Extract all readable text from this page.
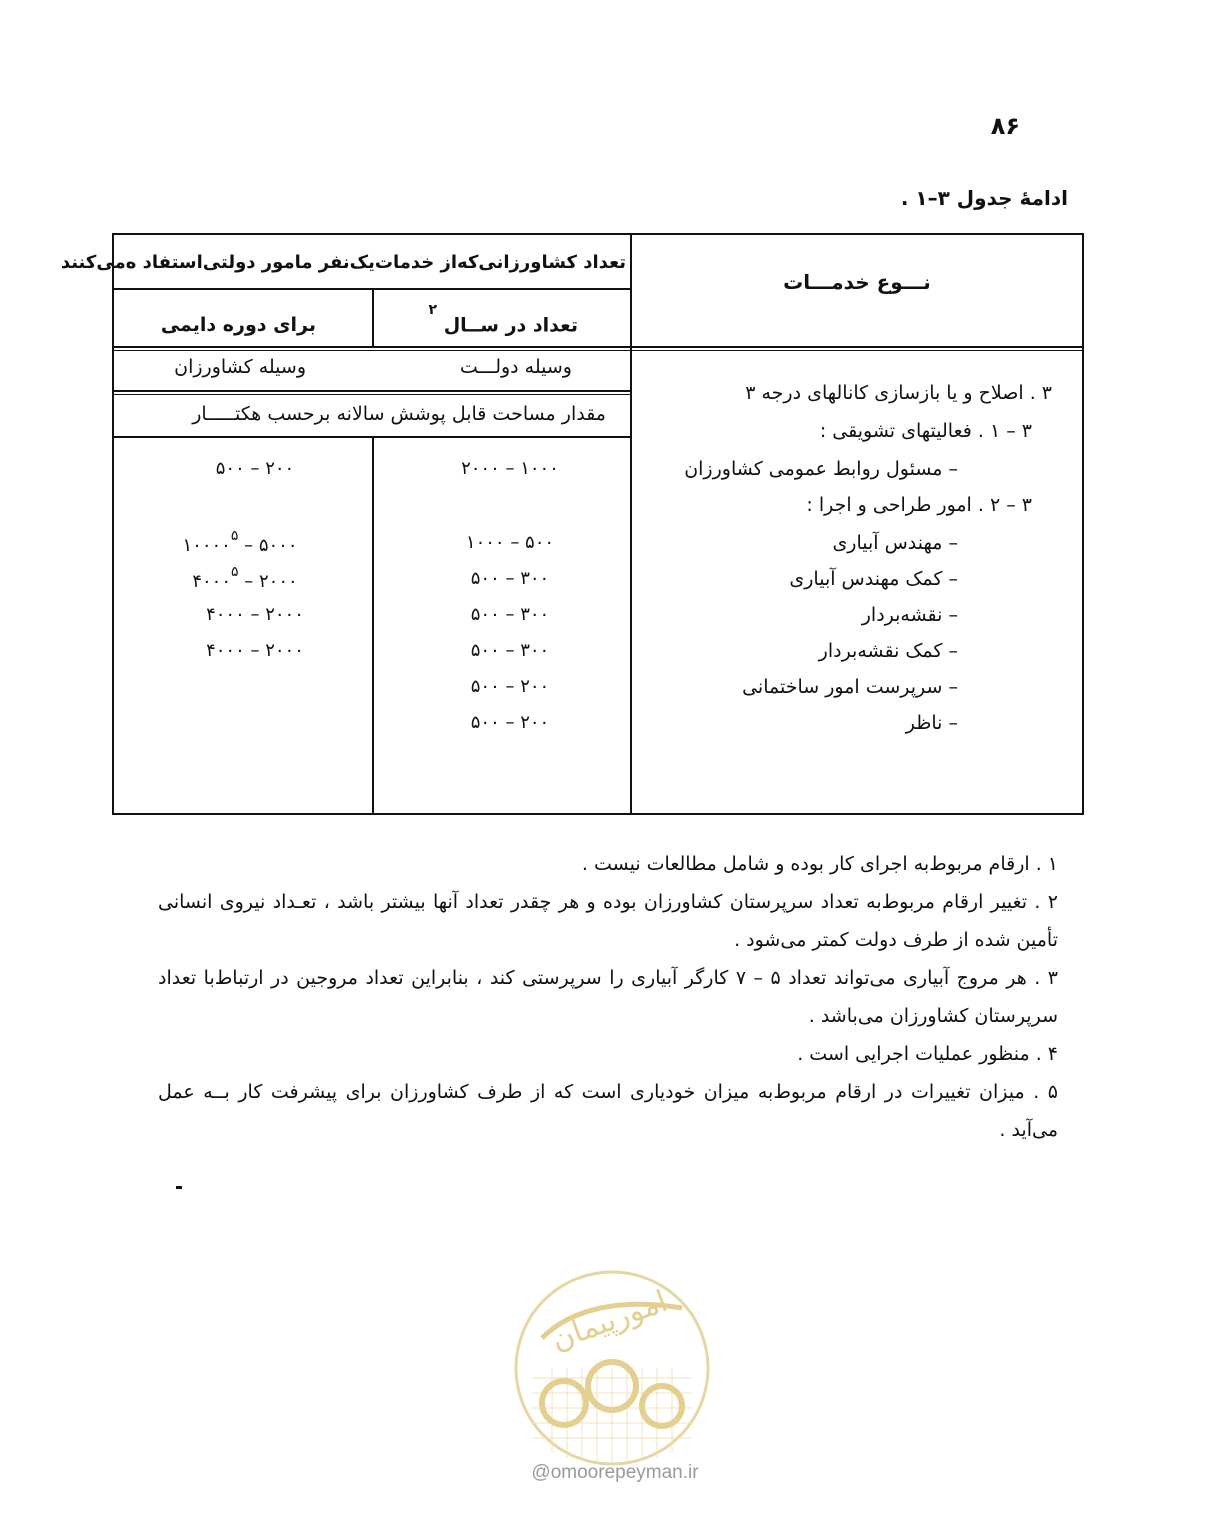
۸۶
ادامهٔ جدول ۳–۱ .
تعداد کشاورزانی‌که‌از خدمات‌یک‌نفر مامور دولتی‌استفاد ه‌می‌کنند
نـــوع خدمـــات
تعداد در ســال $^۲$
برای دوره دایمی
وسیله دولـــت
وسیله کشاورزان
مقدار مساحت قابل پوشش سالانه برحسب هکتـــــار
۱۰۰۰ – ۲۰۰۰
۵۰۰ – ۱۰۰۰
۳۰۰ – ۵۰۰
۳۰۰ – ۵۰۰
۳۰۰ – ۵۰۰
۲۰۰ – ۵۰۰
۲۰۰ – ۵۰۰
۲۰۰ – ۵۰۰
۵۰۰۰ – ۱۰۰۰۰$^۵$
۲۰۰۰ – ۴۰۰۰$^۵$
۲۰۰۰ – ۴۰۰۰
۲۰۰۰ – ۴۰۰۰
۳ . اصلاح و یا بازسازی کانالهای درجه ۳
۳ – ۱ . فعالیتهای تشویقی :
– مسئول روابط عمومی کشاورزان
۳ – ۲ . امور طراحی و اجرا :
– مهندس آبیاری
– کمک مهندس آبیاری
– نقشه‌بردار
– کمک نقشه‌بردار
– سرپرست امور ساختمانی
– ناظر
۱ . ارقام مربوط‌به اجرای کار بوده و شامل مطالعات نیست .
۲ . تغییر ارقام مربوط‌به تعداد سرپرستان کشاورزان بوده و هر چقدر تعداد آنها بیشتر باشد ، تعـداد نیروی انسانی تأمین شده از طرف دولت کمتر می‌شود .
۳ . هر مروج آبیاری می‌تواند تعداد ۵ – ۷ کارگر آبیاری را سرپرستی کند ، بنابراین تعداد مروجین در ارتباط‌با تعداد سرپرستان کشاورزان می‌باشد .
۴ . منظور عملیات اجرایی است .
۵ . میزان تغییرات در ارقام مربوط‌به میزان خودیاری است که از طرف کشاورزان برای پیشرفت کار بــه عمل می‌آید .
امورپیمان
@omoorepeyman.ir
